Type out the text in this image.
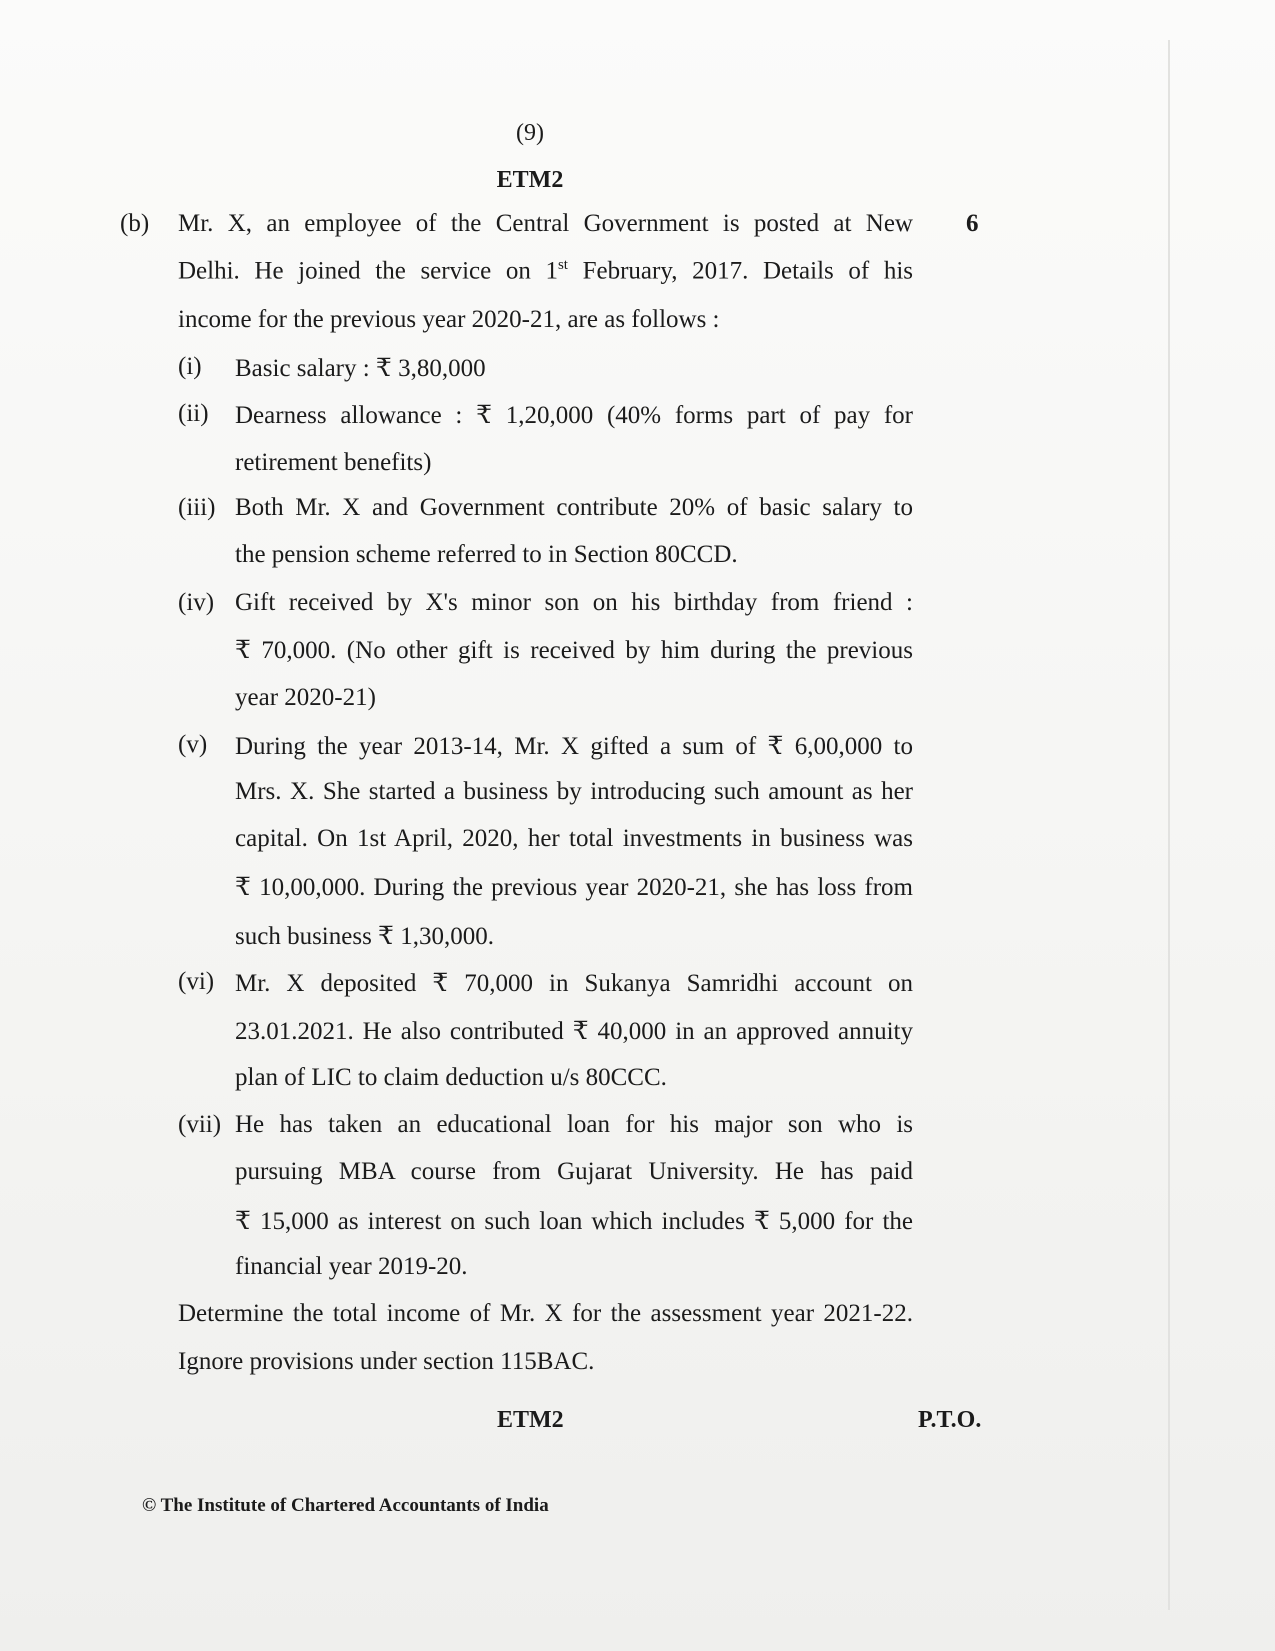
(9)
ETM2
(b)	6
Mr. X, an employee of the Central Government is posted at New
Delhi. He joined the service on 1st February, 2017. Details of his
income for the previous year 2020-21, are as follows :
(i) Basic salary : ₹ 3,80,000
(ii) Dearness allowance : ₹ 1,20,000 (40% forms part of pay for
retirement benefits)
(iii) Both Mr. X and Government contribute 20% of basic salary to
the pension scheme referred to in Section 80CCD.
(iv) Gift received by X's minor son on his birthday from friend :
₹ 70,000. (No other gift is received by him during the previous
year 2020-21)
(v) During the year 2013-14, Mr. X gifted a sum of ₹ 6,00,000 to
Mrs. X. She started a business by introducing such amount as her
capital. On 1st April, 2020, her total investments in business was
₹ 10,00,000. During the previous year 2020-21, she has loss from
such business ₹ 1,30,000.
(vi) Mr. X deposited ₹ 70,000 in Sukanya Samridhi account on
23.01.2021. He also contributed ₹ 40,000 in an approved annuity
plan of LIC to claim deduction u/s 80CCC.
(vii) He has taken an educational loan for his major son who is
pursuing MBA course from Gujarat University. He has paid
₹ 15,000 as interest on such loan which includes ₹ 5,000 for the
financial year 2019-20.
Determine the total income of Mr. X for the assessment year 2021-22.
Ignore provisions under section 115BAC.
ETM2	P.T.O.
© The Institute of Chartered Accountants of India
